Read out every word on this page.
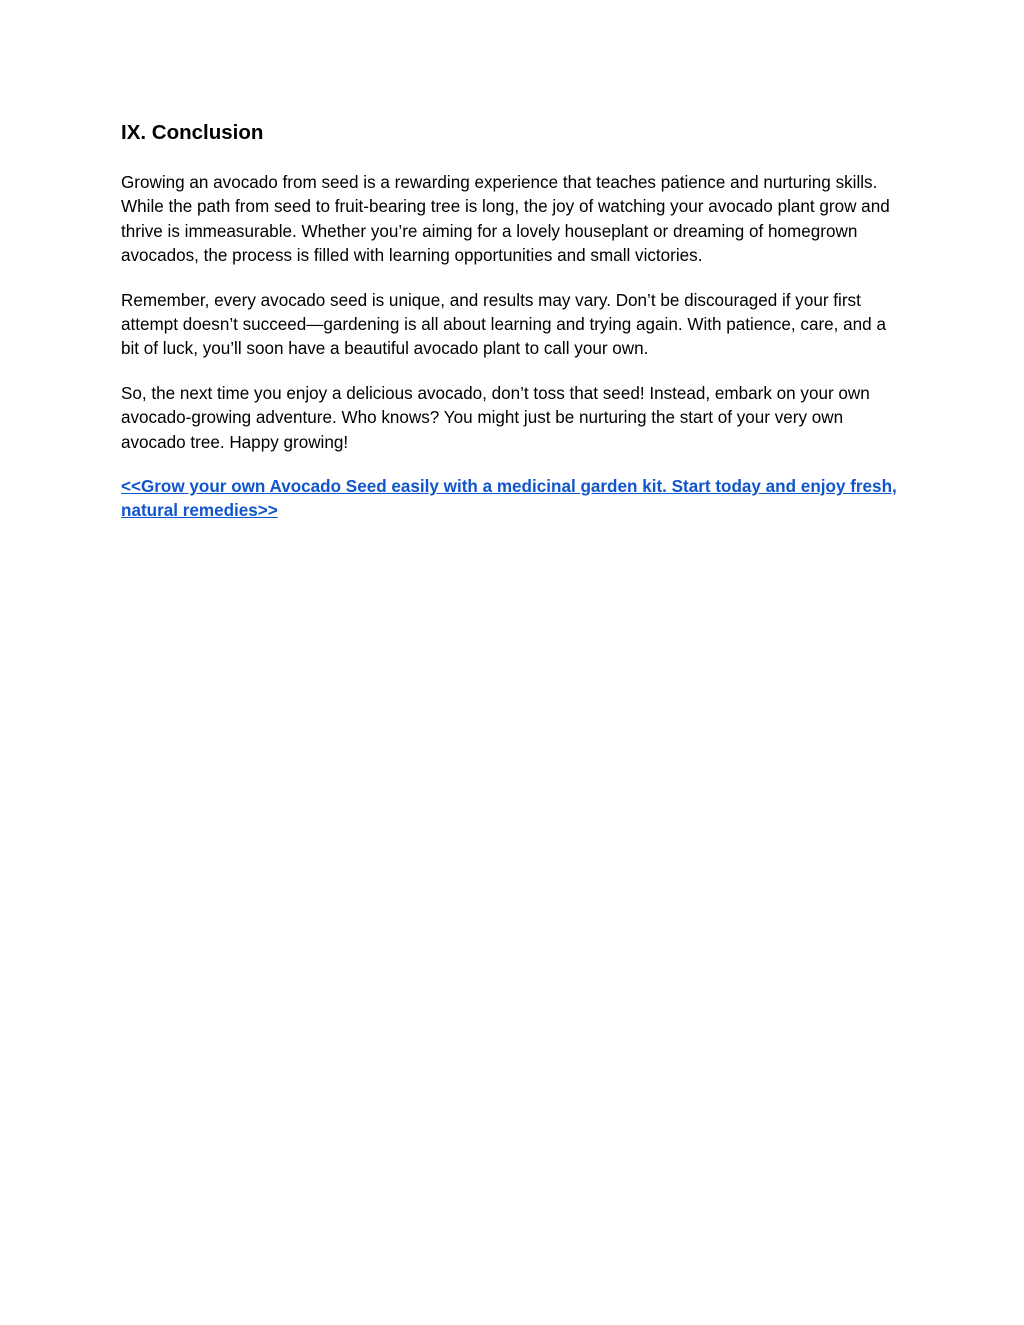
IX. Conclusion

Growing an avocado from seed is a rewarding experience that teaches patience and nurturing skills. While the path from seed to fruit-bearing tree is long, the joy of watching your avocado plant grow and thrive is immeasurable. Whether you’re aiming for a lovely houseplant or dreaming of homegrown avocados, the process is filled with learning opportunities and small victories.

Remember, every avocado seed is unique, and results may vary. Don’t be discouraged if your first attempt doesn’t succeed—gardening is all about learning and trying again. With patience, care, and a bit of luck, you’ll soon have a beautiful avocado plant to call your own.

So, the next time you enjoy a delicious avocado, don’t toss that seed! Instead, embark on your own avocado-growing adventure. Who knows? You might just be nurturing the start of your very own avocado tree. Happy growing!

<<Grow your own Avocado Seed easily with a medicinal garden kit. Start today and enjoy fresh, natural remedies>>
